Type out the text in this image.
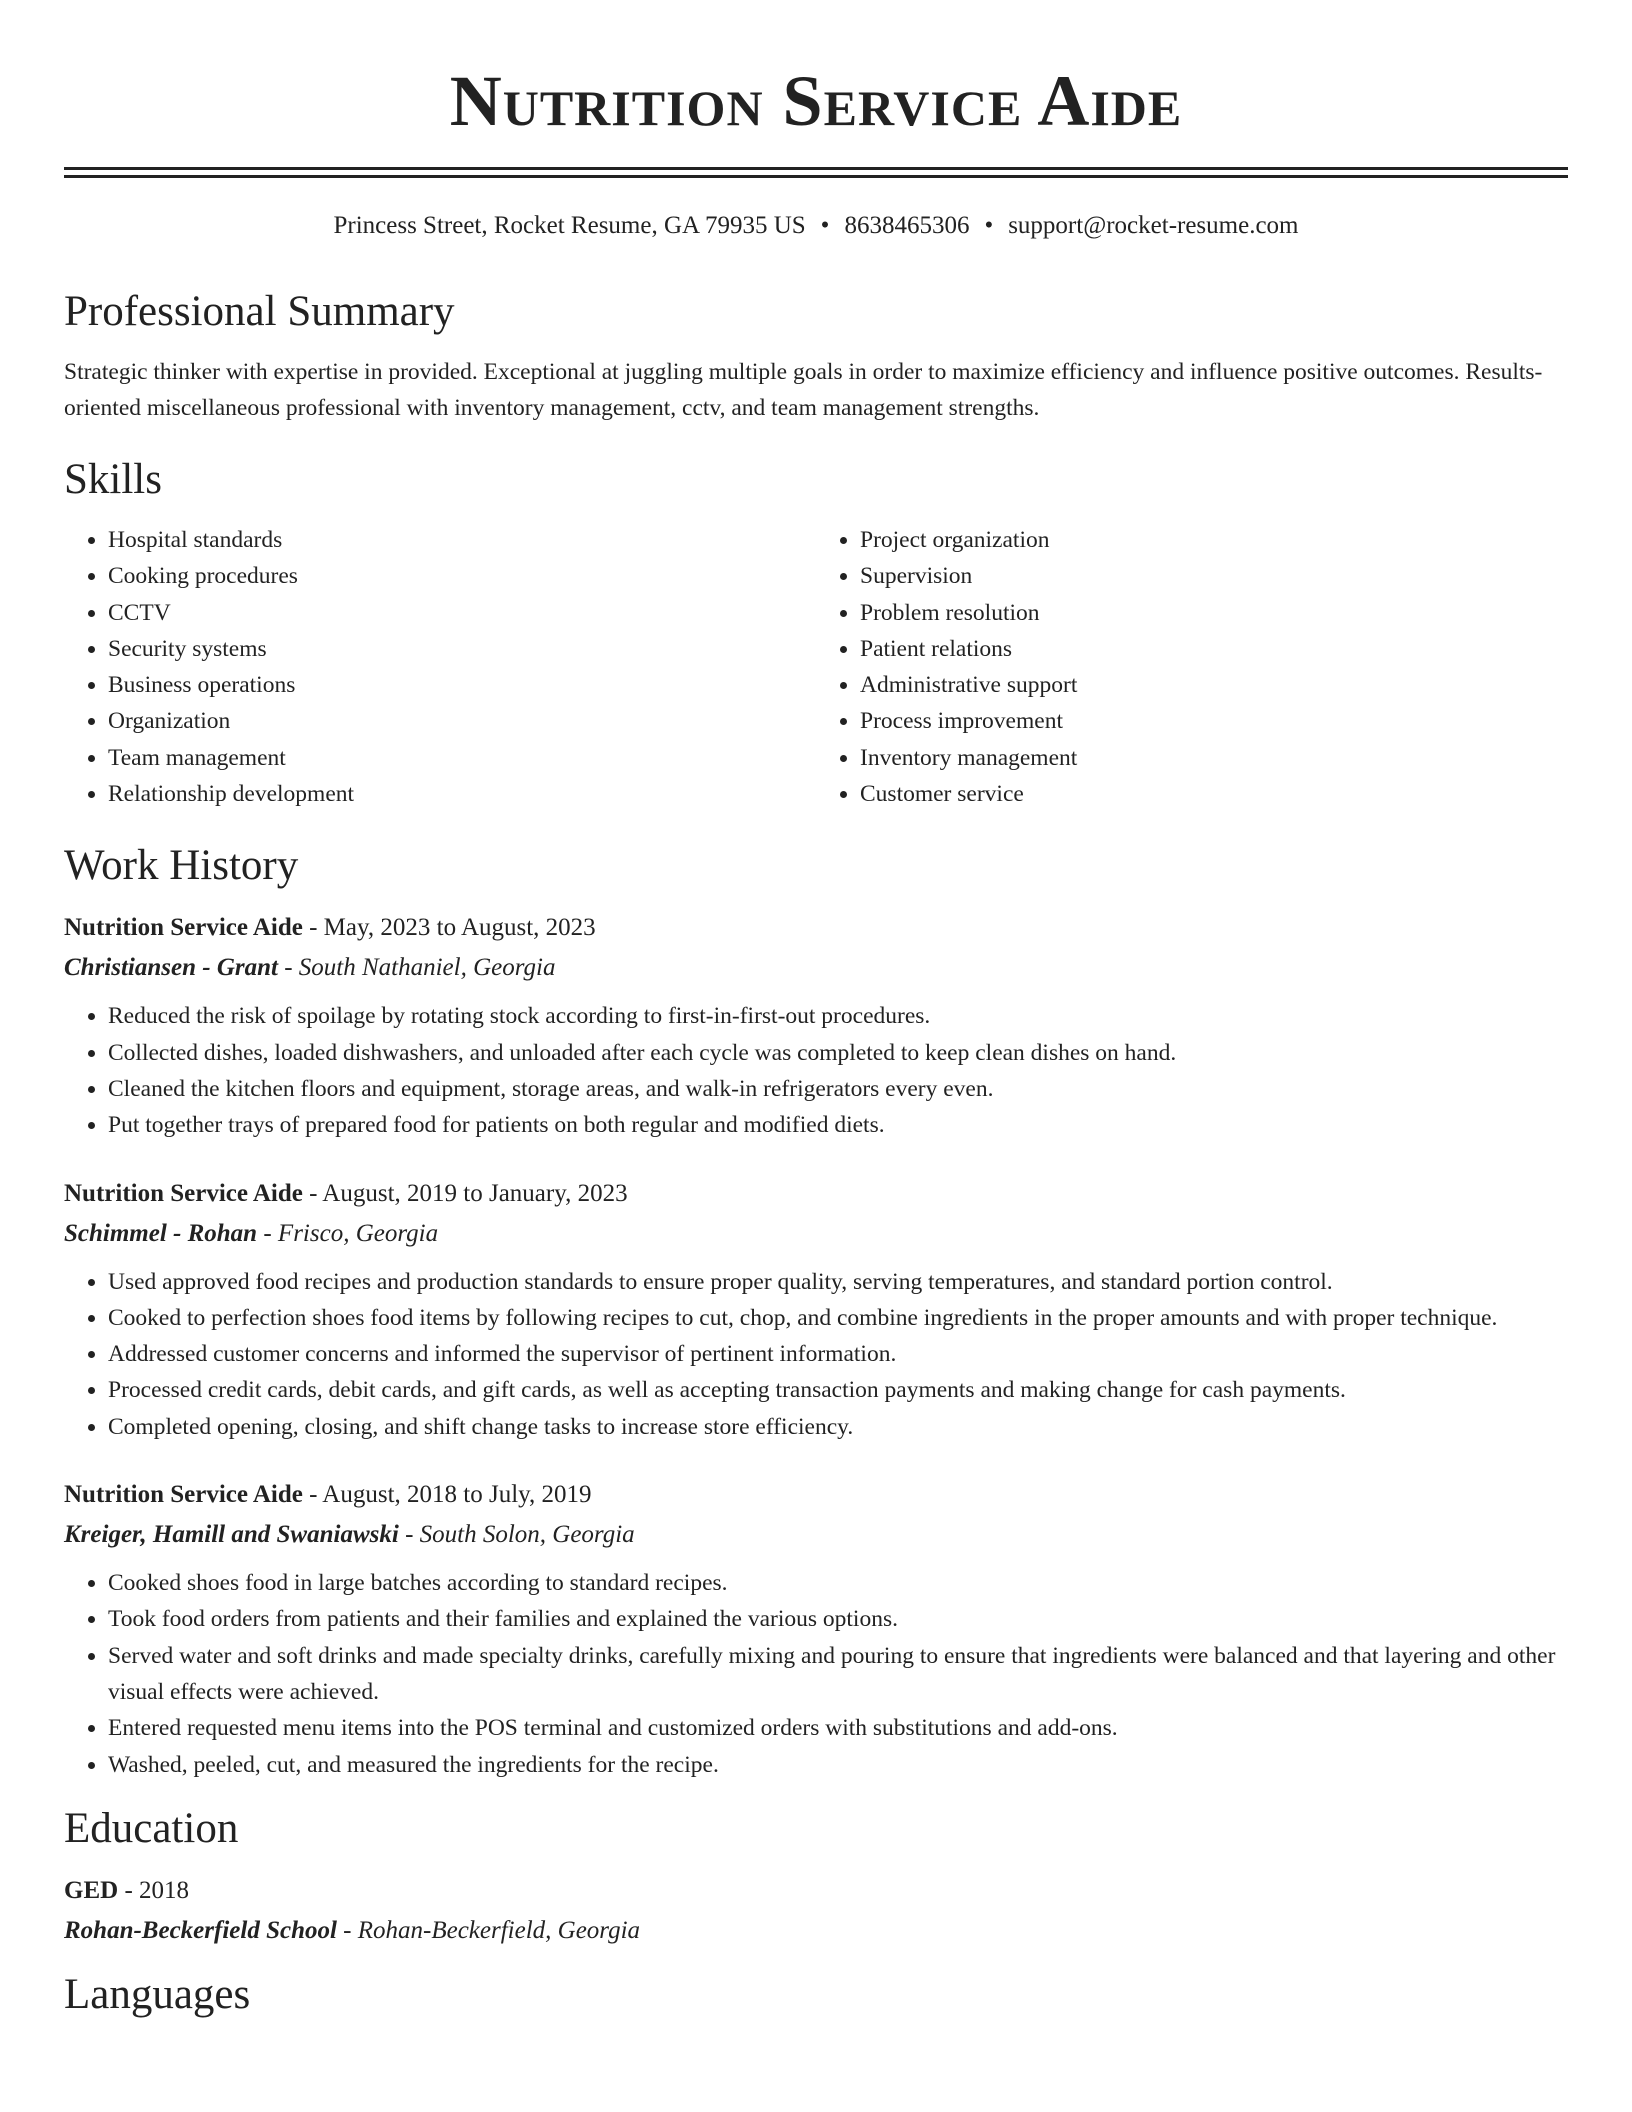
Nutrition Service Aide
Princess Street, Rocket Resume, GA 79935 US • 8638465306 • support@rocket-resume.com
Professional Summary
Strategic thinker with expertise in provided. Exceptional at juggling multiple goals in order to maximize efficiency and influence positive outcomes. Results-oriented miscellaneous professional with inventory management, cctv, and team management strengths.
Skills
• Hospital standards
• Cooking procedures
• CCTV
• Security systems
• Business operations
• Organization
• Team management
• Relationship development
• Project organization
• Supervision
• Problem resolution
• Patient relations
• Administrative support
• Process improvement
• Inventory management
• Customer service
Work History
Nutrition Service Aide - May, 2023 to August, 2023
Christiansen - Grant - South Nathaniel, Georgia
• Reduced the risk of spoilage by rotating stock according to first-in-first-out procedures.
• Collected dishes, loaded dishwashers, and unloaded after each cycle was completed to keep clean dishes on hand.
• Cleaned the kitchen floors and equipment, storage areas, and walk-in refrigerators every even.
• Put together trays of prepared food for patients on both regular and modified diets.
Nutrition Service Aide - August, 2019 to January, 2023
Schimmel - Rohan - Frisco, Georgia
• Used approved food recipes and production standards to ensure proper quality, serving temperatures, and standard portion control.
• Cooked to perfection shoes food items by following recipes to cut, chop, and combine ingredients in the proper amounts and with proper technique.
• Addressed customer concerns and informed the supervisor of pertinent information.
• Processed credit cards, debit cards, and gift cards, as well as accepting transaction payments and making change for cash payments.
• Completed opening, closing, and shift change tasks to increase store efficiency.
Nutrition Service Aide - August, 2018 to July, 2019
Kreiger, Hamill and Swaniawski - South Solon, Georgia
• Cooked shoes food in large batches according to standard recipes.
• Took food orders from patients and their families and explained the various options.
• Served water and soft drinks and made specialty drinks, carefully mixing and pouring to ensure that ingredients were balanced and that layering and other visual effects were achieved.
• Entered requested menu items into the POS terminal and customized orders with substitutions and add-ons.
• Washed, peeled, cut, and measured the ingredients for the recipe.
Education
GED - 2018
Rohan-Beckerfield School - Rohan-Beckerfield, Georgia
Languages
